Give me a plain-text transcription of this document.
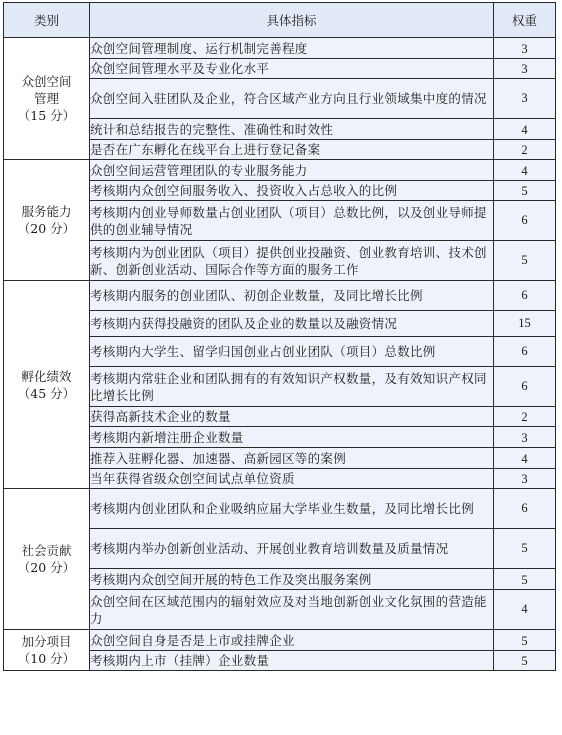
类别	具体指标	权重

众创空间
管理
（15 分）	众创空间管理制度、运行机制完善程度	3
	众创空间管理水平及专业化水平	3
	众创空间入驻团队及企业，符合区域产业方向且行业领域集中度的情况	3
	统计和总结报告的完整性、准确性和时效性	4
	是否在广东孵化在线平台上进行登记备案	2

服务能力
（20 分）	众创空间运营管理团队的专业服务能力	4
	考核期内众创空间服务收入、投资收入占总收入的比例	5
	考核期内创业导师数量占创业团队（项目）总数比例，以及创业导师提供的创业辅导情况	6
	考核期内为创业团队（项目）提供创业投融资、创业教育培训、技术创新、创新创业活动、国际合作等方面的服务工作	5

孵化绩效
（45 分）	考核期内服务的创业团队、初创企业数量，及同比增长比例	6
	考核期内获得投融资的团队及企业的数量以及融资情况	15
	考核期内大学生、留学归国创业占创业团队（项目）总数比例	6
	考核期内常驻企业和团队拥有的有效知识产权数量，及有效知识产权同比增长比例	6
	获得高新技术企业的数量	2
	考核期内新增注册企业数量	3
	推荐入驻孵化器、加速器、高新园区等的案例	4
	当年获得省级众创空间试点单位资质	3

社会贡献
（20 分）	考核期内创业团队和企业吸纳应届大学毕业生数量，及同比增长比例	6
	考核期内举办创新创业活动、开展创业教育培训数量及质量情况	5
	考核期内众创空间开展的特色工作及突出服务案例	5
	众创空间在区域范围内的辐射效应及对当地创新创业文化氛围的营造能力	4

加分项目
（10 分）	众创空间自身是否是上市或挂牌企业	5
	考核期内上市（挂牌）企业数量	5
